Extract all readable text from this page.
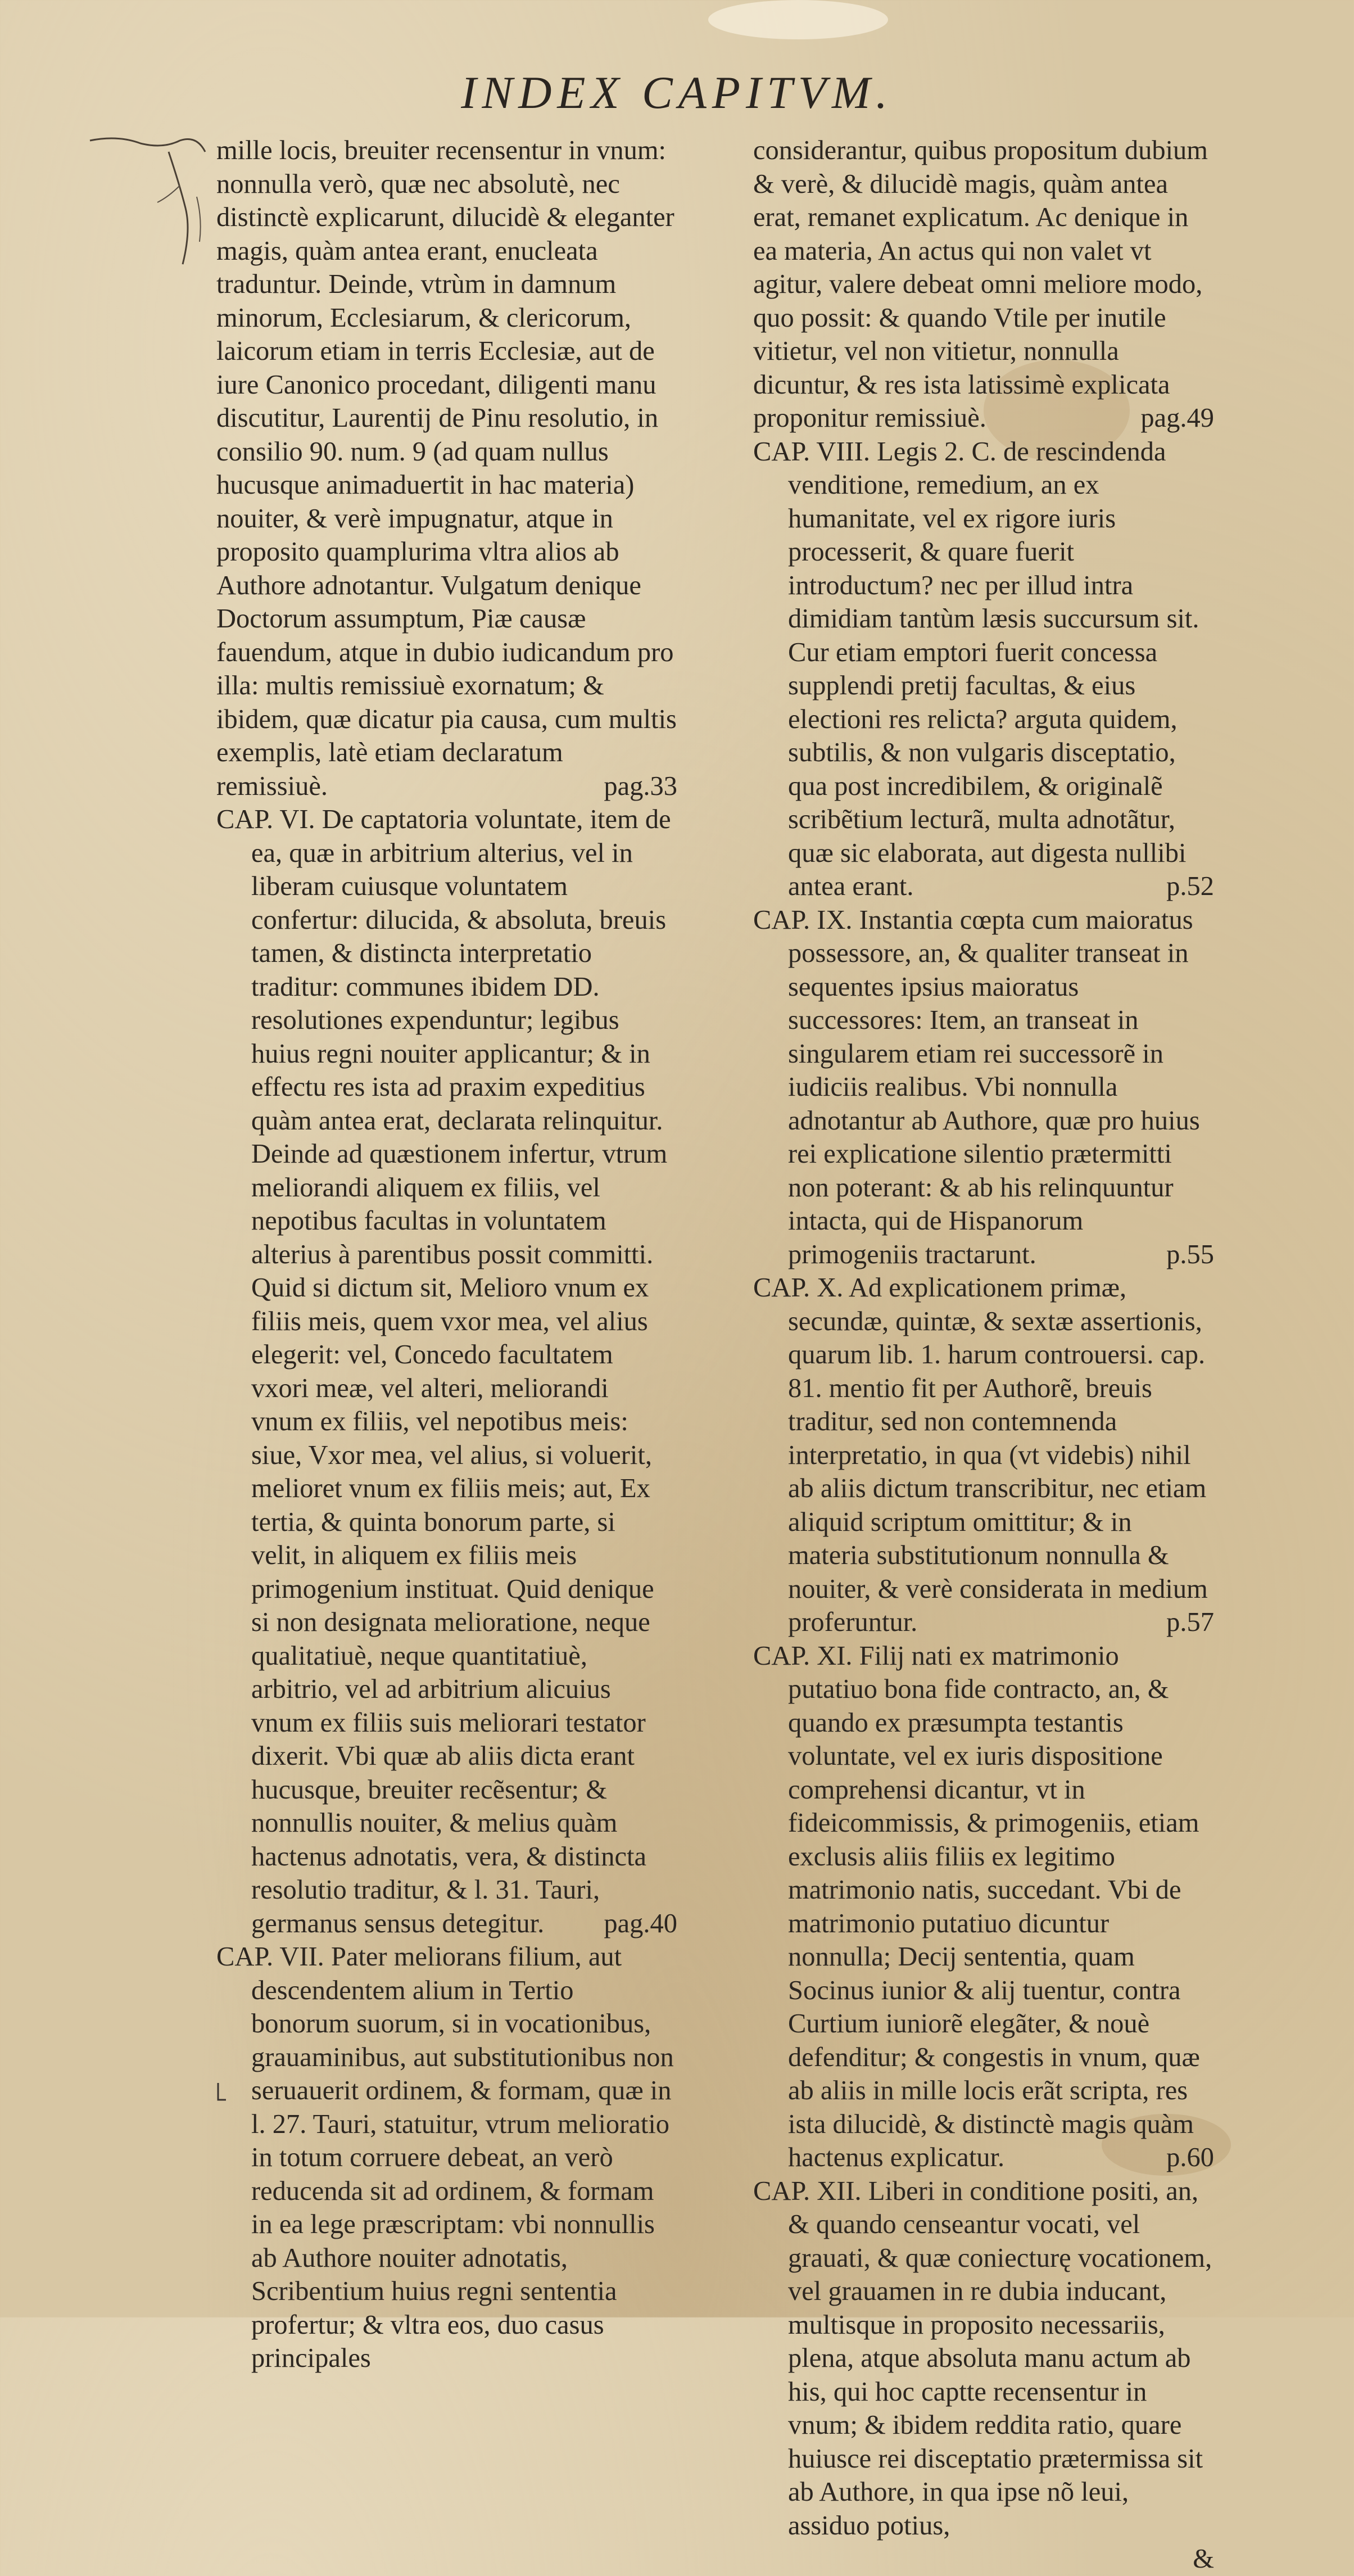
INDEX CAPITVM.

mille locis, breuiter recensentur in vnum: nonnulla verò, quæ nec absolutè, nec distinctè explicarunt, dilucidè & eleganter magis, quàm antea erant, enucleata traduntur. Deinde, vtrùm in damnum minorum, Ecclesiarum, & clericorum, laicorum etiam in terris Ecclesiæ, aut de iure Canonico procedant, diligenti manu discutitur, Laurentij de Pinu resolutio, in consilio 90. num. 9 (ad quam nullus hucusque animaduertit in hac materia) nouiter, & verè impugnatur, atque in proposito quamplurima vltra alios ab Authore adnotantur. Vulgatum denique Doctorum assumptum, Piæ causæ fauendum, atque in dubio iudicandum pro illa: multis remissiuè exornatum; & ibidem, quæ dicatur pia causa, cum multis exemplis, latè etiam declaratum remissiuè.	pag.33

CAP. VI. De captatoria voluntate, item de ea, quæ in arbitrium alterius, vel in liberam cuiusque voluntatem confertur: dilucida, & absoluta, breuis tamen, & distincta interpretatio traditur: communes ibidem DD. resolutiones expenduntur; legibus huius regni nouiter applicantur; & in effectu res ista ad praxim expeditius quàm antea erat, declarata relinquitur. Deinde ad quæstionem infertur, vtrum meliorandi aliquem ex filiis, vel nepotibus facultas in voluntatem alterius à parentibus possit committi. Quid si dictum sit, Melioro vnum ex filiis meis, quem vxor mea, vel alius elegerit: vel, Concedo facultatem vxori meæ, vel alteri, meliorandi vnum ex filiis, vel nepotibus meis: siue, Vxor mea, vel alius, si voluerit, melioret vnum ex filiis meis; aut, Ex tertia, & quinta bonorum parte, si velit, in aliquem ex filiis meis primogenium instituat. Quid denique si non designata melioratione, neque qualitatiuè, neque quantitatiuè, arbitrio, vel ad arbitrium alicuius vnum ex filiis suis meliorari testator dixerit. Vbi quæ ab aliis dicta erant hucusque, breuiter recẽsentur; & nonnullis nouiter, & melius quàm hactenus adnotatis, vera, & distincta resolutio traditur, & l. 31. Tauri, germanus sensus detegitur. pag.40

CAP. VII. Pater meliorans filium, aut descendentem alium in Tertio bonorum suorum, si in vocationibus, grauaminibus, aut substitutionibus non seruauerit ordinem, & formam, quæ in l. 27. Tauri, statuitur, vtrum melioratio in totum corruere debeat, an verò reducenda sit ad ordinem, & formam in ea lege præscriptam: vbi nonnullis ab Authore nouiter adnotatis, Scribentium huius regni sententia profertur; & vltra eos, duo casus principales

considerantur, quibus propositum dubium & verè, & dilucidè magis, quàm antea erat, remanet explicatum. Ac denique in ea materia, An actus qui non valet vt agitur, valere debeat omni meliore modo, quo possit: & quando Vtile per inutile vitietur, vel non vitietur, nonnulla dicuntur, & res ista latissimè explicata proponitur remissiuè.	pag.49

CAP. VIII. Legis 2. C. de rescindenda venditione, remedium, an ex humanitate, vel ex rigore iuris processerit, & quare fuerit introductum? nec per illud intra dimidiam tantùm læsis succursum sit. Cur etiam emptori fuerit concessa supplendi pretij facultas, & eius electioni res relicta? arguta quidem, subtilis, & non vulgaris disceptatio, qua post incredibilem, & originalẽ scribẽtium lecturã, multa adnotãtur, quæ sic elaborata, aut digesta nullibi antea erant.	p.52

CAP. IX. Instantia cœpta cum maioratus possessore, an, & qualiter transeat in sequentes ipsius maioratus successores: Item, an transeat in singularem etiam rei successorẽ in iudiciis realibus. Vbi nonnulla adnotantur ab Authore, quæ pro huius rei explicatione silentio prætermitti non poterant: & ab his relinquuntur intacta, qui de Hispanorum primogeniis tractarunt.	p.55

CAP. X. Ad explicationem primæ, secundæ, quintæ, & sextæ assertionis, quarum lib. 1. harum controuersi. cap. 81. mentio fit per Authorẽ, breuis traditur, sed non contemnenda interpretatio, in qua (vt videbis) nihil ab aliis dictum transcribitur, nec etiam aliquid scriptum omittitur; & in materia substitutionum nonnulla & nouiter, & verè considerata in medium proferuntur.	p.57

CAP. XI. Filij nati ex matrimonio putatiuo bona fide contracto, an, & quando ex præsumpta testantis voluntate, vel ex iuris dispositione comprehensi dicantur, vt in fideicommissis, & primogeniis, etiam exclusis aliis filiis ex legitimo matrimonio natis, succedant. Vbi de matrimonio putatiuo dicuntur nonnulla; Decij sententia, quam Socinus iunior & alij tuentur, contra Curtium iuniorẽ elegãter, & nouè defenditur; & congestis in vnum, quæ ab aliis in mille locis erãt scripta, res ista dilucidè, & distinctè magis quàm hactenus explicatur.	p.60

CAP. XII. Liberi in conditione positi, an, & quando censeantur vocati, vel grauati, & quæ coniecturę vocationem, vel grauamen in re dubia inducant, multisque in proposito necessariis, plena, atque absoluta manu actum ab his, qui hoc captte recensentur in vnum; & ibidem reddita ratio, quare huiusce rei disceptatio prætermissa sit ab Authore, in qua ipse nõ leui, assiduo potius,

&
